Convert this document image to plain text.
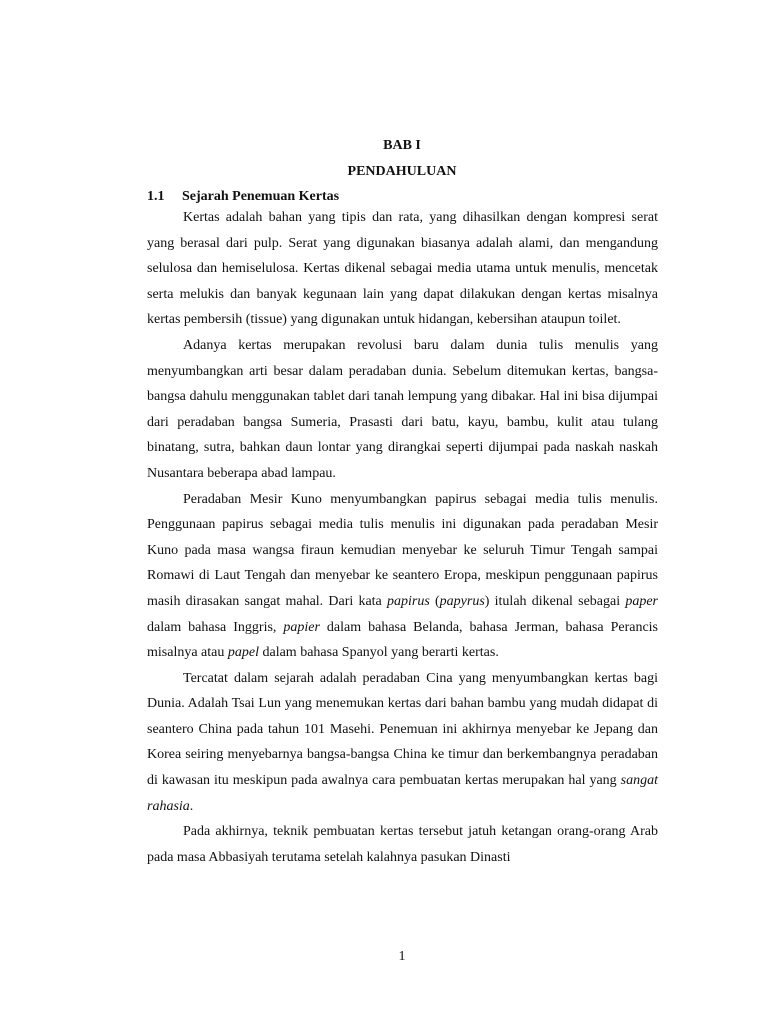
BAB I
PENDAHULUAN
1.1 Sejarah Penemuan Kertas

Kertas adalah bahan yang tipis dan rata, yang dihasilkan dengan kompresi serat yang berasal dari pulp. Serat yang digunakan biasanya adalah alami, dan mengandung selulosa dan hemiselulosa. Kertas dikenal sebagai media utama untuk menulis, mencetak serta melukis dan banyak kegunaan lain yang dapat dilakukan dengan kertas misalnya kertas pembersih (tissue) yang digunakan untuk hidangan, kebersihan ataupun toilet.

Adanya kertas merupakan revolusi baru dalam dunia tulis menulis yang menyumbangkan arti besar dalam peradaban dunia. Sebelum ditemukan kertas, bangsa-bangsa dahulu menggunakan tablet dari tanah lempung yang dibakar. Hal ini bisa dijumpai dari peradaban bangsa Sumeria, Prasasti dari batu, kayu, bambu, kulit atau tulang binatang, sutra, bahkan daun lontar yang dirangkai seperti dijumpai pada naskah naskah Nusantara beberapa abad lampau.

Peradaban Mesir Kuno menyumbangkan papirus sebagai media tulis menulis. Penggunaan papirus sebagai media tulis menulis ini digunakan pada peradaban Mesir Kuno pada masa wangsa firaun kemudian menyebar ke seluruh Timur Tengah sampai Romawi di Laut Tengah dan menyebar ke seantero Eropa, meskipun penggunaan papirus masih dirasakan sangat mahal. Dari kata papirus (papyrus) itulah dikenal sebagai paper dalam bahasa Inggris, papier dalam bahasa Belanda, bahasa Jerman, bahasa Perancis misalnya atau papel dalam bahasa Spanyol yang berarti kertas.

Tercatat dalam sejarah adalah peradaban Cina yang menyumbangkan kertas bagi Dunia. Adalah Tsai Lun yang menemukan kertas dari bahan bambu yang mudah didapat di seantero China pada tahun 101 Masehi. Penemuan ini akhirnya menyebar ke Jepang dan Korea seiring menyebarnya bangsa-bangsa China ke timur dan berkembangnya peradaban di kawasan itu meskipun pada awalnya cara pembuatan kertas merupakan hal yang sangat rahasia.

Pada akhirnya, teknik pembuatan kertas tersebut jatuh ketangan orang-orang Arab pada masa Abbasiyah terutama setelah kalahnya pasukan Dinasti

1
